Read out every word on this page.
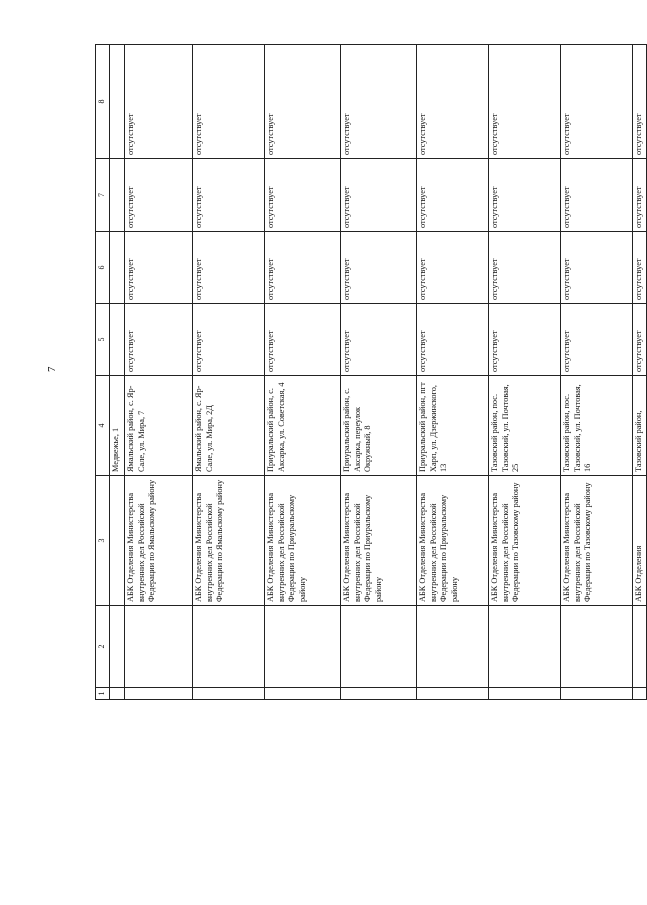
7
1	2	3	4	5	6	7	8
			Медвежье, 1				
		АБК Отделения Министерства внутренних дел Российской Федерации по Ямальскому району	Ямальский район, с. Яр-Сале, ул. Мира, 7	отсутствует	отсутствует	отсутствует	отсутствует
		АБК Отделения Министерства внутренних дел Российской Федерации по Ямальскому району	Ямальский район, с. Яр-Сале, ул. Мира, 2Д	отсутствует	отсутствует	отсутствует	отсутствует
		АБК Отделения Министерства внутренних дел Российской Федерации по Приуральскому району	Приуральский район, с. Аксарка, ул. Советская, 4	отсутствует	отсутствует	отсутствует	отсутствует
		АБК Отделения Министерства внутренних дел Российской Федерации по Приуральскому району	Приуральский район, с. Аксарка, переулок Окружный, 8	отсутствует	отсутствует	отсутствует	отсутствует
		АБК Отделения Министерства внутренних дел Российской Федерации по Приуральскому району	Приуральский район, пгт Харп, ул. Дзержинского, 13	отсутствует	отсутствует	отсутствует	отсутствует
		АБК Отделения Министерства внутренних дел Российской Федерации по Тазовскому району	Тазовский район, пос. Тазовский, ул. Почтовая, 25	отсутствует	отсутствует	отсутствует	отсутствует
		АБК Отделения Министерства внутренних дел Российской Федерации по Тазовскому району	Тазовский район, пос. Тазовский, ул. Почтовая, 16	отсутствует	отсутствует	отсутствует	отсутствует
		АБК Отделения	Тазовский район,	отсутствует	отсутствует	отсутствует	отсутствует
